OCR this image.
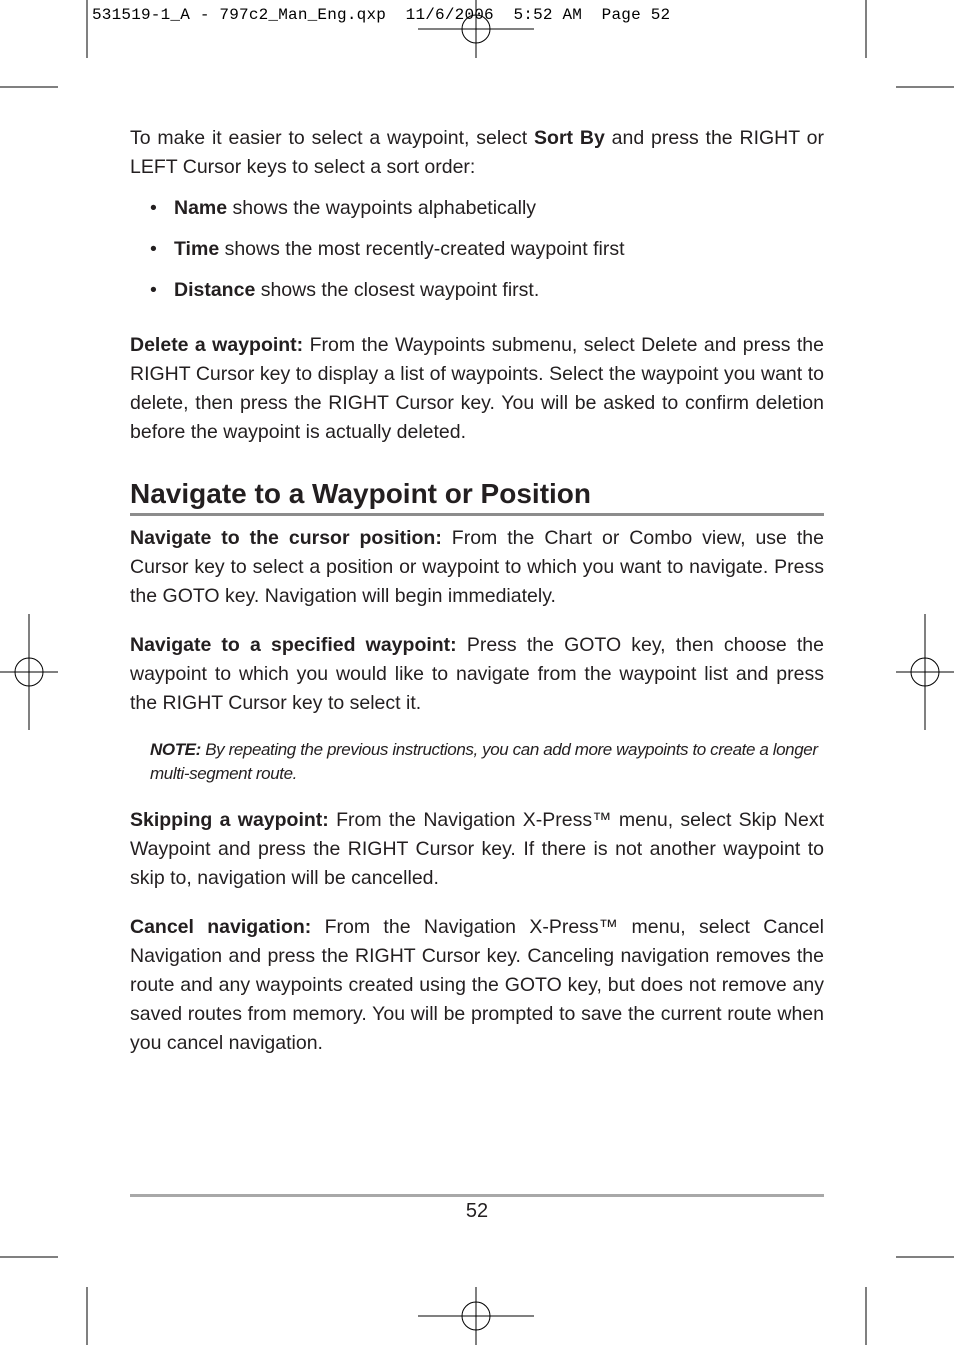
531519-1_A - 797c2_Man_Eng.qxp  11/6/2006  5:52 AM  Page 52

To make it easier to select a waypoint, select Sort By and press the RIGHT or LEFT Cursor keys to select a sort order:

• Name shows the waypoints alphabetically
• Time shows the most recently-created waypoint first
• Distance shows the closest waypoint first.

Delete a waypoint: From the Waypoints submenu, select Delete and press the RIGHT Cursor key to display a list of waypoints. Select the waypoint you want to delete, then press the RIGHT Cursor key. You will be asked to confirm deletion before the waypoint is actually deleted.

Navigate to a Waypoint or Position

Navigate to the cursor position: From the Chart or Combo view, use the Cursor key to select a position or waypoint to which you want to navigate. Press the GOTO key. Navigation will begin immediately.

Navigate to a specified waypoint: Press the GOTO key, then choose the waypoint to which you would like to navigate from the waypoint list and press the RIGHT Cursor key to select it.

NOTE: By repeating the previous instructions, you can add more waypoints to create a longer multi-segment route.

Skipping a waypoint: From the Navigation X-Press™ menu, select Skip Next Waypoint and press the RIGHT Cursor key. If there is not another waypoint to skip to, navigation will be cancelled.

Cancel navigation: From the Navigation X-Press™ menu, select Cancel Navigation and press the RIGHT Cursor key. Canceling navigation removes the route and any waypoints created using the GOTO key, but does not remove any saved routes from memory. You will be prompted to save the current route when you cancel navigation.

52
